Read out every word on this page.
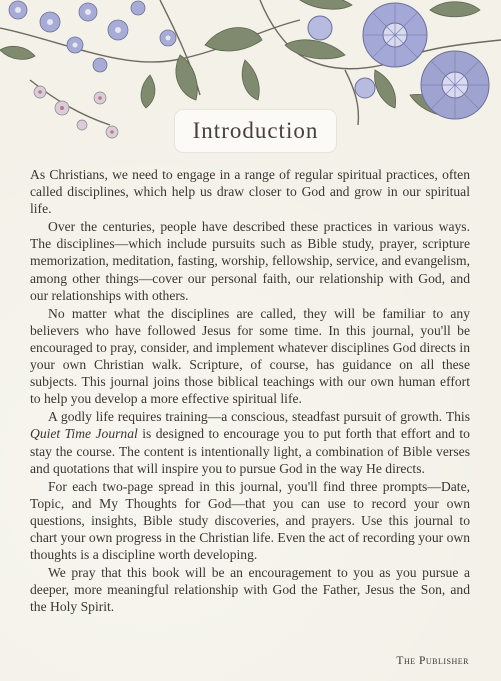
Introduction

As Christians, we need to engage in a range of regular spiritual practices, often called disciplines, which help us draw closer to God and grow in our spiritual life.

Over the centuries, people have described these practices in various ways. The disciplines—which include pursuits such as Bible study, prayer, scripture memorization, meditation, fasting, worship, fellowship, service, and evangelism, among other things—cover our personal faith, our relationship with God, and our relationships with others.

No matter what the disciplines are called, they will be familiar to any believers who have followed Jesus for some time. In this journal, you'll be encouraged to pray, consider, and implement whatever disciplines God directs in your own Christian walk. Scripture, of course, has guidance on all these subjects. This journal joins those biblical teachings with our own human effort to help you develop a more effective spiritual life.

A godly life requires training—a conscious, steadfast pursuit of growth. This Quiet Time Journal is designed to encourage you to put forth that effort and to stay the course. The content is intentionally light, a combination of Bible verses and quotations that will inspire you to pursue God in the way He directs.

For each two-page spread in this journal, you'll find three prompts—Date, Topic, and My Thoughts for God—that you can use to record your own questions, insights, Bible study discoveries, and prayers. Use this journal to chart your own progress in the Christian life. Even the act of recording your own thoughts is a discipline worth developing.

We pray that this book will be an encouragement to you as you pursue a deeper, more meaningful relationship with God the Father, Jesus the Son, and the Holy Spirit.

The Publisher
